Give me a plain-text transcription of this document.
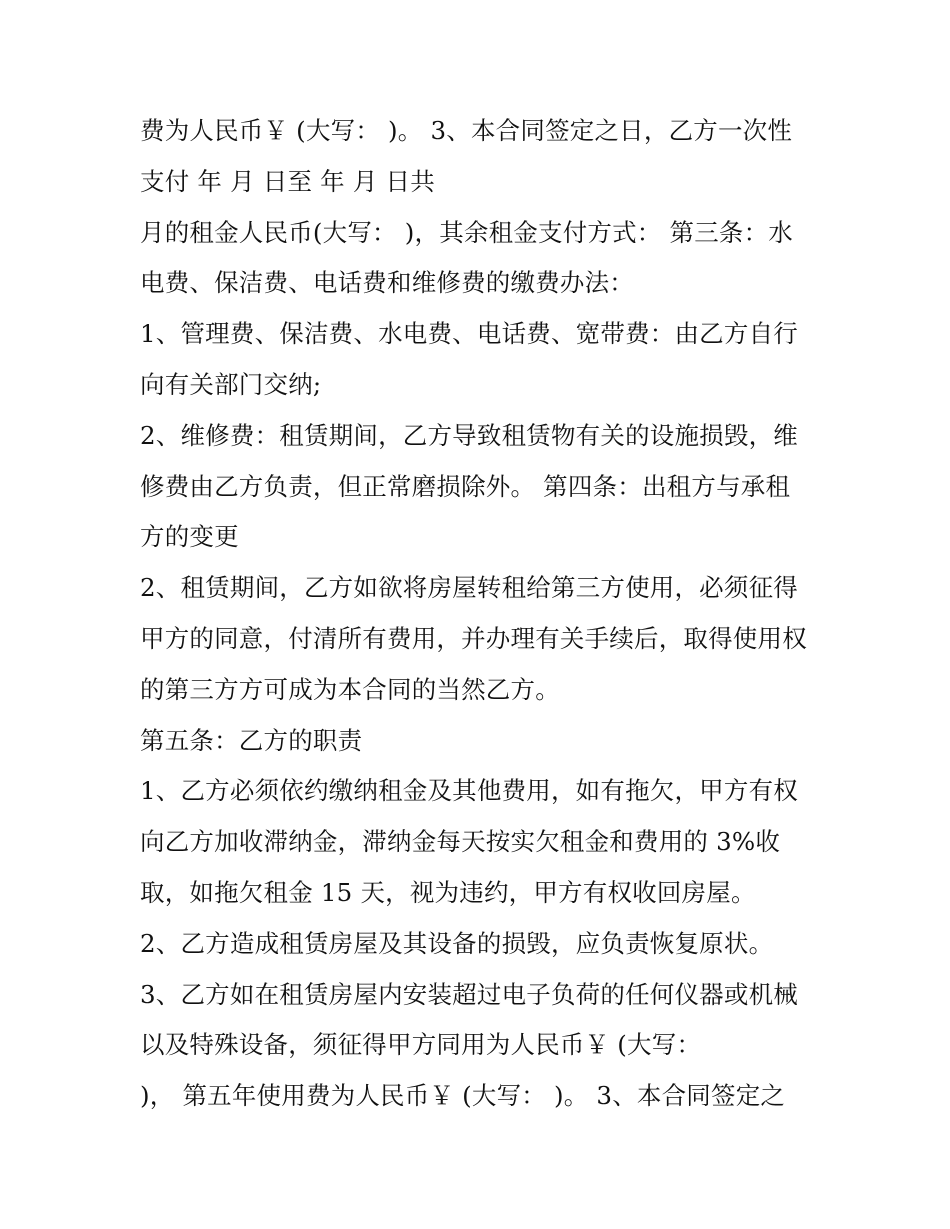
费为人民币￥ (大写： )。 3、本合同签定之日，乙方一次性
支付 年 月 日至 年 月 日共
月的租金人民币(大写： )，其余租金支付方式： 第三条：水
电费、保洁费、电话费和维修费的缴费办法：
1、管理费、保洁费、水电费、电话费、宽带费：由乙方自行
向有关部门交纳;
2、维修费：租赁期间，乙方导致租赁物有关的设施损毁，维
修费由乙方负责，但正常磨损除外。 第四条：出租方与承租
方的变更
2、租赁期间，乙方如欲将房屋转租给第三方使用，必须征得
甲方的同意，付清所有费用，并办理有关手续后，取得使用权
的第三方方可成为本合同的当然乙方。
第五条：乙方的职责
1、乙方必须依约缴纳租金及其他费用，如有拖欠，甲方有权
向乙方加收滞纳金，滞纳金每天按实欠租金和费用的 3%收
取，如拖欠租金 15 天，视为违约，甲方有权收回房屋。
2、乙方造成租赁房屋及其设备的损毁，应负责恢复原状。
3、乙方如在租赁房屋内安装超过电子负荷的任何仪器或机械
以及特殊设备，须征得甲方同用为人民币￥ (大写：
)， 第五年使用费为人民币￥ (大写： )。 3、本合同签定之
